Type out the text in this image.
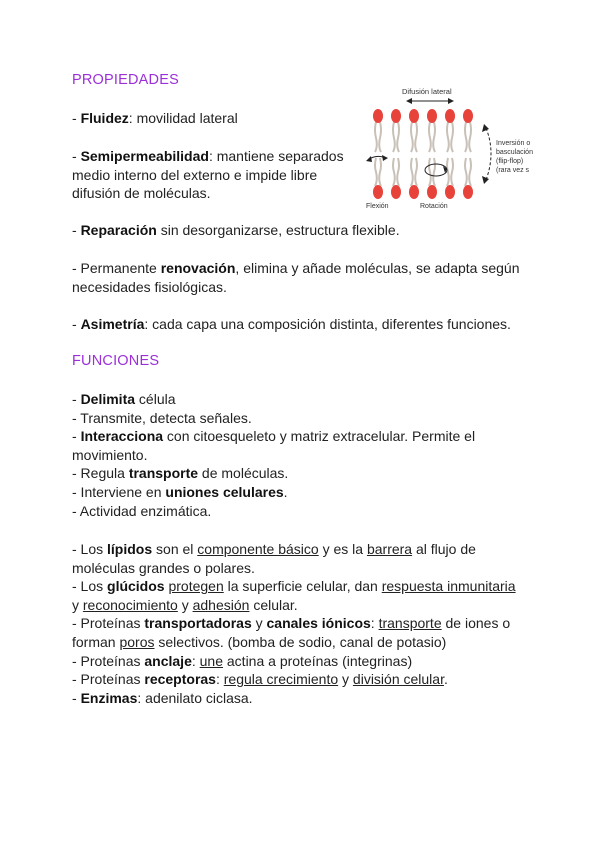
PROPIEDADES
- Fluidez: movilidad lateral
- Semipermeabilidad: mantiene separados
medio interno del externo e impide libre
difusión de moléculas.
- Reparación sin desorganizarse, estructura flexible.
- Permanente renovación, elimina y añade moléculas, se adapta según
necesidades fisiológicas.
- Asimetría: cada capa una composición distinta, diferentes funciones.
Difusión lateral
Inversión o
basculación
(flip-flop)
(rara vez s
Flexión	Rotación
FUNCIONES
- Delimita célula
- Transmite, detecta señales.
- Interacciona con citoesqueleto y matriz extracelular. Permite el
movimiento.
- Regula transporte de moléculas.
- Interviene en uniones celulares.
- Actividad enzimática.
- Los lípidos son el componente básico y es la barrera al flujo de
moléculas grandes o polares.
- Los glúcidos protegen la superficie celular, dan respuesta inmunitaria
y reconocimiento y adhesión celular.
- Proteínas transportadoras y canales iónicos: transporte de iones o
forman poros selectivos. (bomba de sodio, canal de potasio)
- Proteínas anclaje: une actina a proteínas (integrinas)
- Proteínas receptoras: regula crecimiento y división celular.
- Enzimas: adenilato ciclasa.
